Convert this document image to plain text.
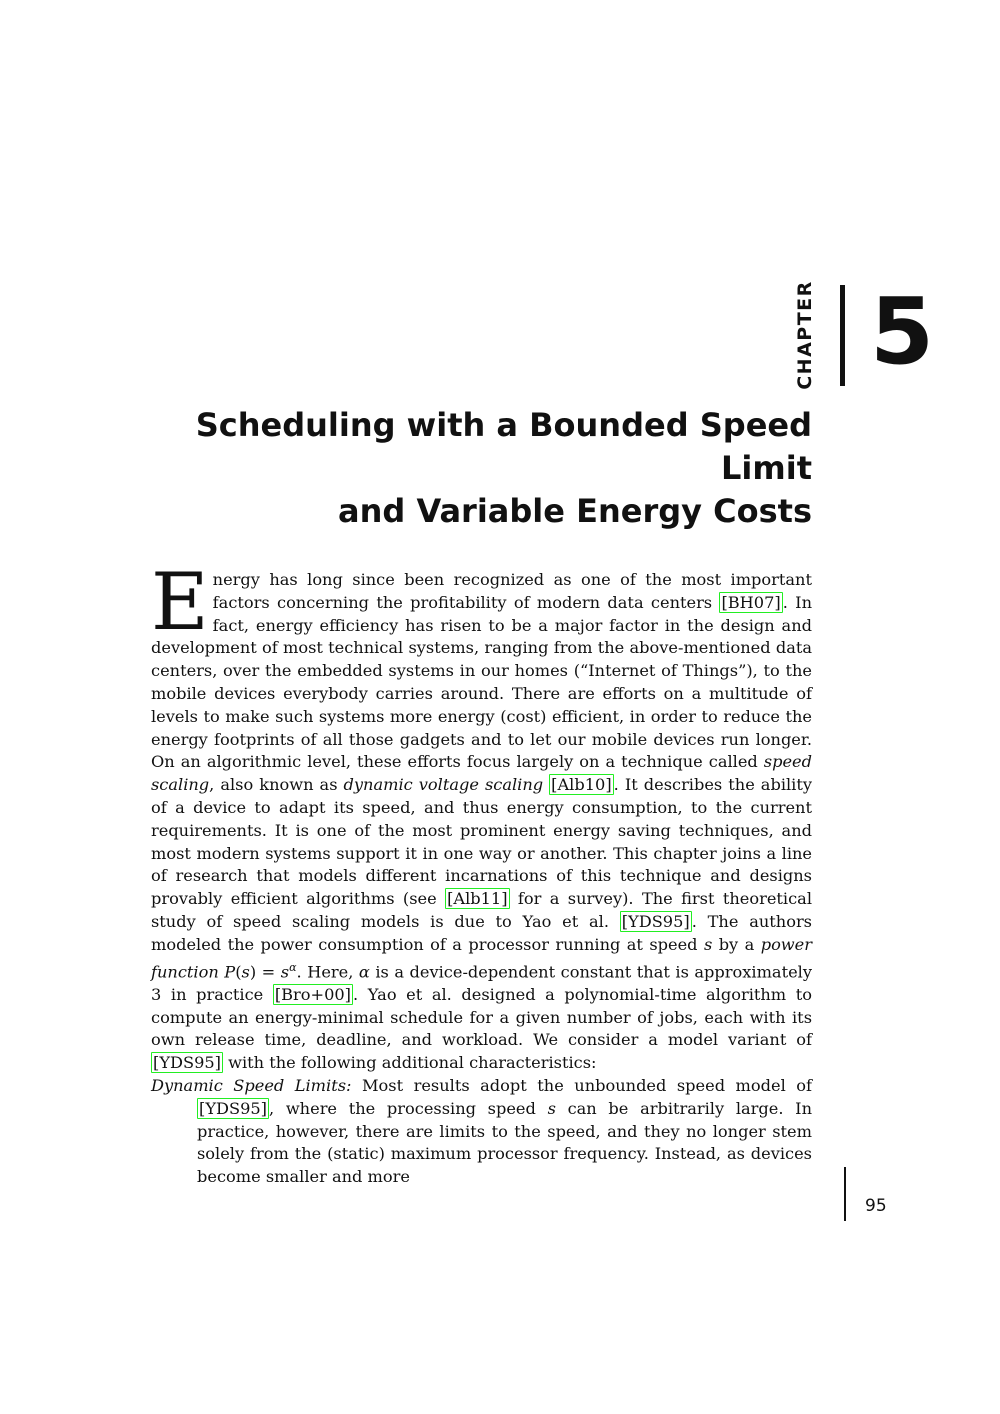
CHAPTER 5
Scheduling with a Bounded Speed Limit
and Variable Energy Costs

Energy has long since been recognized as one of the most important factors concerning the profitability of modern data centers [BH07] . In fact, energy efficiency has risen to be a major factor in the design and development of most technical systems, ranging from the above-mentioned data centers, over the embedded systems in our homes (“Internet of Things”), to the mobile devices everybody carries around. There are efforts on a multitude of levels to make such systems more energy (cost) efficient, in order to reduce the energy footprints of all those gadgets and to let our mobile devices run longer. On an algorithmic level, these efforts focus largely on a technique called speed scaling, also known as dynamic voltage scaling [Alb10] . It describes the ability of a device to adapt its speed, and thus energy consumption, to the current requirements. It is one of the most prominent energy saving techniques, and most modern systems support it in one way or another. This chapter joins a line of research that models different incarnations of this technique and designs provably efficient algorithms (see [Alb11] for a survey). The first theoretical study of speed scaling models is due to Yao et al. [YDS95] . The authors modeled the power consumption of a processor running at speed s by a power function $P(s) = s^\alpha$. Here, α is a device-dependent constant that is approximately 3 in practice [Bro+00] . Yao et al. designed a polynomial-time algorithm to compute an energy-minimal schedule for a given number of jobs, each with its own release time, deadline, and workload. We consider a model variant of [YDS95] with the following additional characteristics:

Dynamic Speed Limits: Most results adopt the unbounded speed model of [YDS95] , where the processing speed s can be arbitrarily large. In practice, however, there are limits to the speed, and they no longer stem solely from the (static) maximum processor frequency. Instead, as devices become smaller and more

95
